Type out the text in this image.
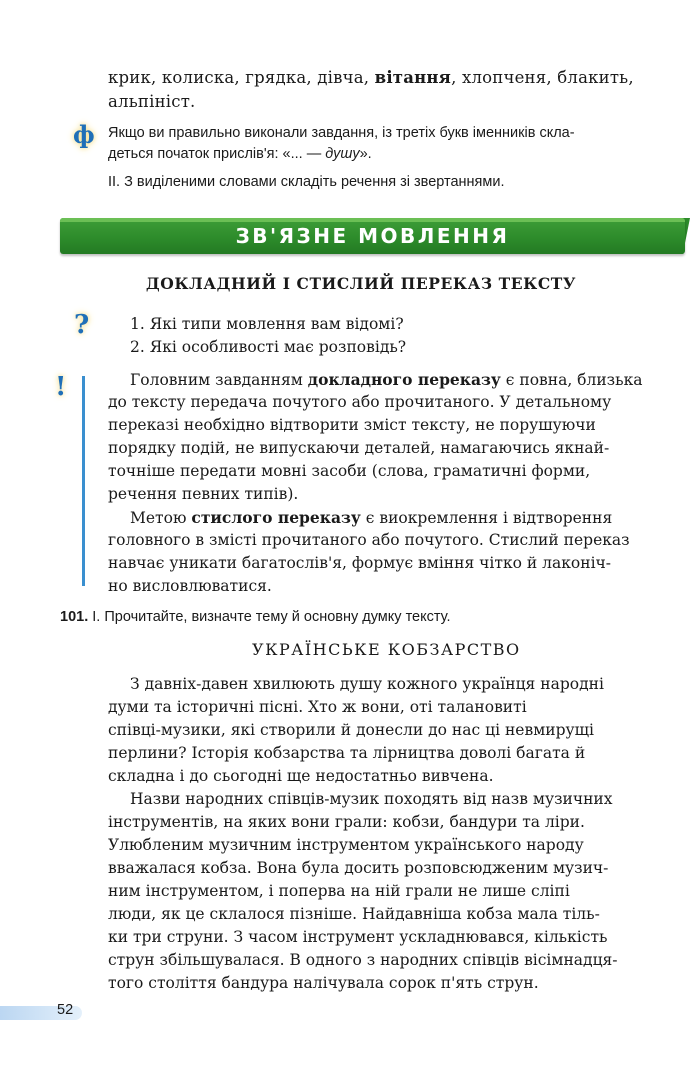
крик, колиска, грядка, дівча, вітання, хлопченя, блакить,
альпініст.
ф Якщо ви правильно виконали завдання, із третіх букв іменників скла-
деться початок прислів'я: «... — душу».
ІІ. З виділеними словами складіть речення зі звертаннями.
ЗВ'ЯЗНЕ МОВЛЕННЯ
ДОКЛАДНИЙ І СТИСЛИЙ ПЕРЕКАЗ ТЕКСТУ
?	1. Які типи мовлення вам відомі?
2. Які особливості має розповідь?
!	Головним завданням докладного переказу є повна, близька
до тексту передача почутого або прочитаного. У детальному
переказі необхідно відтворити зміст тексту, не порушуючи
порядку подій, не випускаючи деталей, намагаючись якнай-
точніше передати мовні засоби (слова, граматичні форми,
речення певних типів).
Метою стислого переказу є виокремлення і відтворення
головного в змісті прочитаного або почутого. Стислий переказ
навчає уникати багатослів'я, формує вміння чітко й лаконіч-
но висловлюватися.
101. І. Прочитайте, визначте тему й основну думку тексту.
УКРАЇНСЬКЕ КОБЗАРСТВО
З давніх-давен хвилюють душу кожного українця народні
думи та історичні пісні. Хто ж вони, оті талановиті
співці-музики, які створили й донесли до нас ці невмирущі
перлини? Історія кобзарства та лірництва доволі багата й
складна і до сьогодні ще недостатньо вивчена.
Назви народних співців-музик походять від назв музичних
інструментів, на яких вони грали: кобзи, бандури та ліри.
Улюбленим музичним інструментом українського народу
вважалася кобза. Вона була досить розповсюдженим музич-
ним інструментом, і поперва на ній грали не лише сліпі
люди, як це склалося пізніше. Найдавніша кобза мала тіль-
ки три струни. З часом інструмент ускладнювався, кількість
струн збільшувалася. В одного з народних співців вісімнадця-
того століття бандура налічувала сорок п'ять струн.
52
